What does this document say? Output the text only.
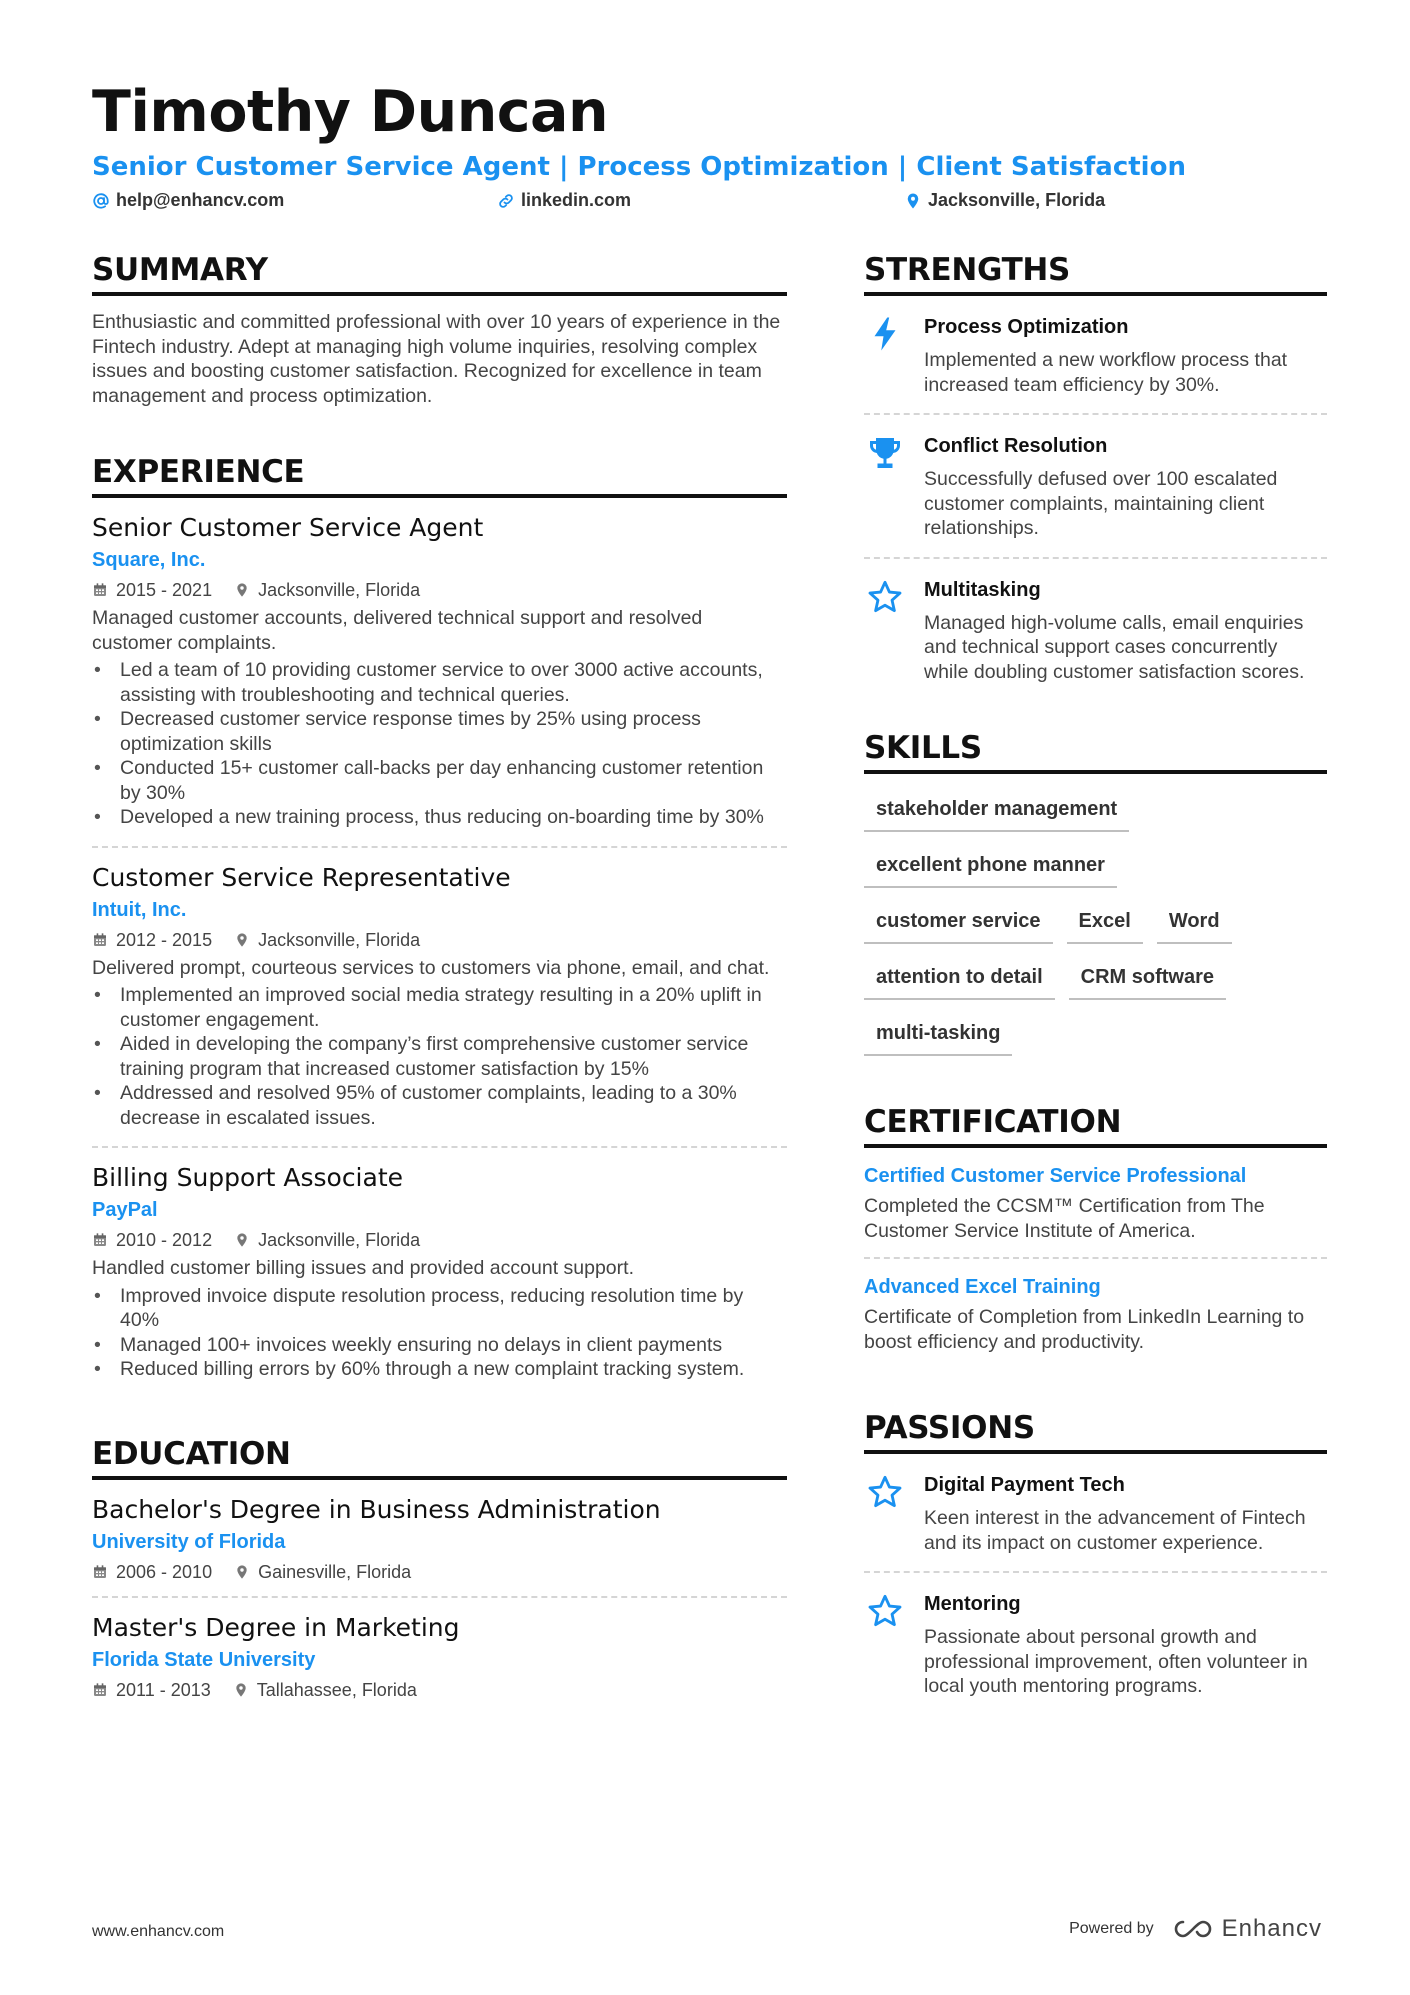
Timothy Duncan
Senior Customer Service Agent | Process Optimization | Client Satisfaction
help@enhancv.com	linkedin.com	Jacksonville, Florida
SUMMARY
Enthusiastic and committed professional with over 10 years of experience in the Fintech industry. Adept at managing high volume inquiries, resolving complex issues and boosting customer satisfaction. Recognized for excellence in team management and process optimization.
EXPERIENCE
Senior Customer Service Agent
Square, Inc.
2015 - 2021	Jacksonville, Florida
Managed customer accounts, delivered technical support and resolved customer complaints.
• Led a team of 10 providing customer service to over 3000 active accounts, assisting with troubleshooting and technical queries.
• Decreased customer service response times by 25% using process optimization skills
• Conducted 15+ customer call-backs per day enhancing customer retention by 30%
• Developed a new training process, thus reducing on-boarding time by 30%
Customer Service Representative
Intuit, Inc.
2012 - 2015	Jacksonville, Florida
Delivered prompt, courteous services to customers via phone, email, and chat.
• Implemented an improved social media strategy resulting in a 20% uplift in customer engagement.
• Aided in developing the company’s first comprehensive customer service training program that increased customer satisfaction by 15%
• Addressed and resolved 95% of customer complaints, leading to a 30% decrease in escalated issues.
Billing Support Associate
PayPal
2010 - 2012	Jacksonville, Florida
Handled customer billing issues and provided account support.
• Improved invoice dispute resolution process, reducing resolution time by 40%
• Managed 100+ invoices weekly ensuring no delays in client payments
• Reduced billing errors by 60% through a new complaint tracking system.
EDUCATION
Bachelor's Degree in Business Administration
University of Florida
2006 - 2010	Gainesville, Florida
Master's Degree in Marketing
Florida State University
2011 - 2013	Tallahassee, Florida
STRENGTHS
Process Optimization
Implemented a new workflow process that increased team efficiency by 30%.
Conflict Resolution
Successfully defused over 100 escalated customer complaints, maintaining client relationships.
Multitasking
Managed high-volume calls, email enquiries and technical support cases concurrently while doubling customer satisfaction scores.
SKILLS
stakeholder management
excellent phone manner
customer service	Excel	Word
attention to detail	CRM software
multi-tasking
CERTIFICATION
Certified Customer Service Professional
Completed the CCSM™ Certification from The Customer Service Institute of America.
Advanced Excel Training
Certificate of Completion from LinkedIn Learning to boost efficiency and productivity.
PASSIONS
Digital Payment Tech
Keen interest in the advancement of Fintech and its impact on customer experience.
Mentoring
Passionate about personal growth and professional improvement, often volunteer in local youth mentoring programs.
www.enhancv.com	Powered by	Enhancv
